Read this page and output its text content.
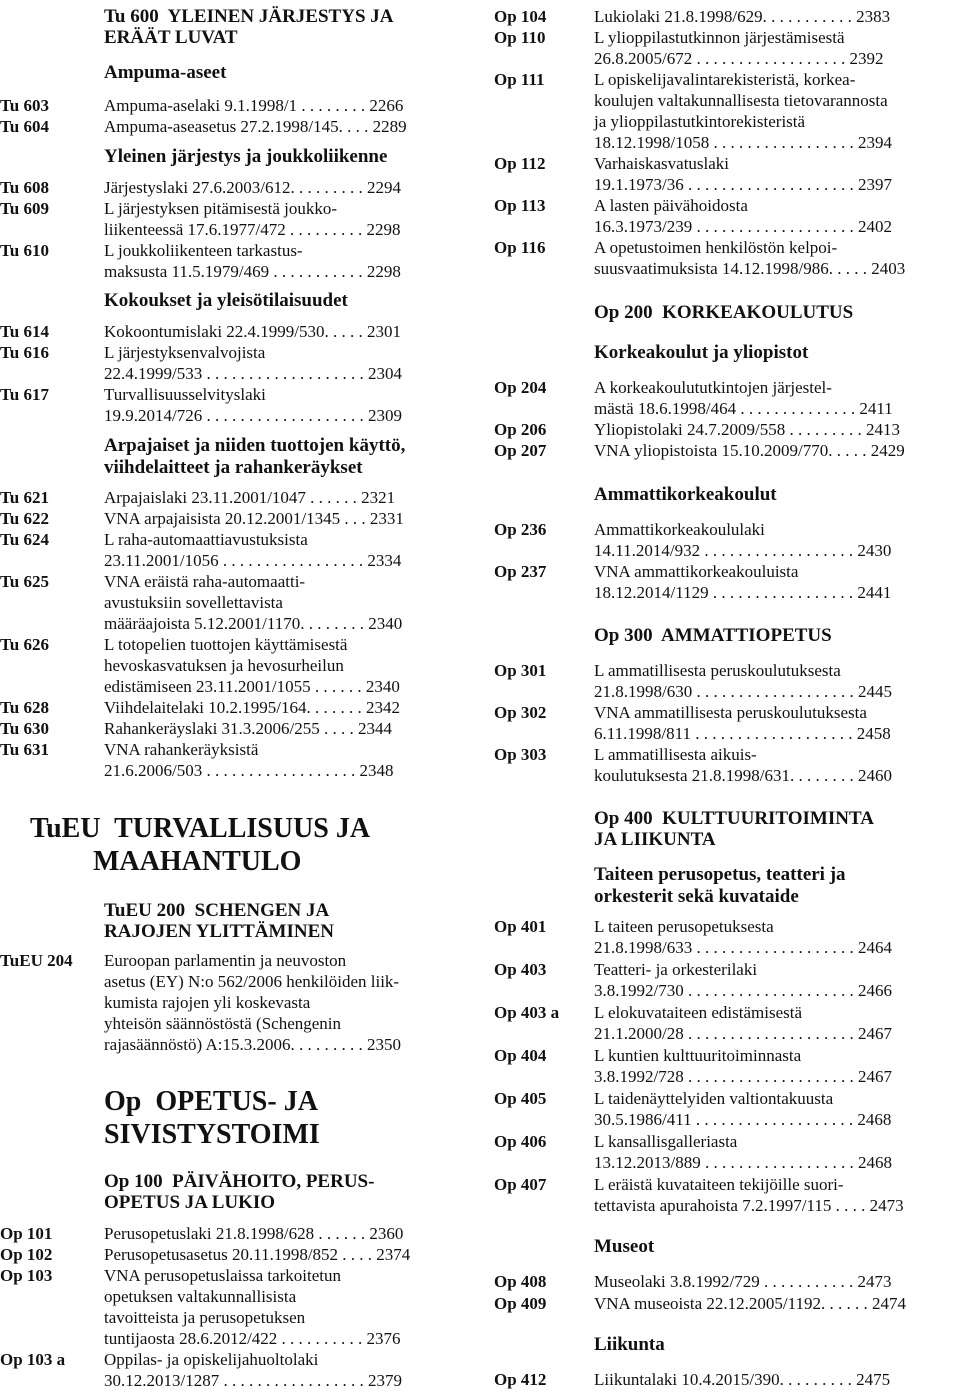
Tu 600  YLEINEN JÄRJESTYS JA
ERÄÄT LUVAT
Ampuma-aseet
Tu 603	Ampuma-aselaki 9.1.1998/1 . . . . . . . . 2266
Tu 604	Ampuma-aseasetus 27.2.1998/145. . . . 2289
Yleinen järjestys ja joukkoliikenne
Tu 608	Järjestyslaki 27.6.2003/612. . . . . . . . . 2294
Tu 609	L järjestyksen pitämisestä joukko-
liikenteessä 17.6.1977/472 . . . . . . . . . 2298
Tu 610	L joukkoliikenteen tarkastus-
maksusta 11.5.1979/469 . . . . . . . . . . . 2298
Kokoukset ja yleisötilaisuudet
Tu 614	Kokoontumislaki 22.4.1999/530. . . . . 2301
Tu 616	L järjestyksenvalvojista
22.4.1999/533 . . . . . . . . . . . . . . . . . . . 2304
Tu 617	Turvallisuusselvityslaki
19.9.2014/726 . . . . . . . . . . . . . . . . . . . 2309
Arpajaiset ja niiden tuottojen käyttö,
viihdelaitteet ja rahankeräykset
Tu 621	Arpajaislaki 23.11.2001/1047 . . . . . . 2321
Tu 622	VNA arpajaisista 20.12.2001/1345 . . . 2331
Tu 624	L raha-automaattiavustuksista
23.11.2001/1056 . . . . . . . . . . . . . . . . . 2334
Tu 625	VNA eräistä raha-automaatti-
avustuksiin sovellettavista
määräajoista 5.12.2001/1170. . . . . . . . 2340
Tu 626	L totopelien tuottojen käyttämisestä
hevoskasvatuksen ja hevosurheilun
edistämiseen 23.11.2001/1055 . . . . . . 2340
Tu 628	Viihdelaitelaki 10.2.1995/164. . . . . . . 2342
Tu 630	Rahankeräyslaki 31.3.2006/255 . . . . 2344
Tu 631	VNA rahankeräyksistä
21.6.2006/503 . . . . . . . . . . . . . . . . . . 2348
TuEU  TURVALLISUUS JA
MAAHANTULO
TuEU 200  SCHENGEN JA
RAJOJEN YLITTÄMINEN
TuEU 204 Euroopan parlamentin ja neuvoston
asetus (EY) N:o 562/2006 henkilöiden liik-
kumista rajojen yli koskevasta
yhteisön säännöstöstä (Schengenin
rajasäännöstö) A:15.3.2006. . . . . . . . . 2350
Op  OPETUS- JA
SIVISTYSTOIMI
Op 100  PÄIVÄHOITO, PERUS-
OPETUS JA LUKIO
Op 101	Perusopetuslaki 21.8.1998/628 . . . . . . 2360
Op 102	Perusopetusasetus 20.11.1998/852 . . . . 2374
Op 103	VNA perusopetuslaissa tarkoitetun
opetuksen valtakunnallisista
tavoitteista ja perusopetuksen
tuntijaosta 28.6.2012/422 . . . . . . . . . . 2376
Op 103 a Oppilas- ja opiskelijahuoltolaki
30.12.2013/1287 . . . . . . . . . . . . . . . . . 2379
Op 104	Lukiolaki 21.8.1998/629. . . . . . . . . . . 2383
Op 110	L ylioppilastutkinnon järjestämisestä
26.8.2005/672 . . . . . . . . . . . . . . . . . . 2392
Op 111	L opiskelijavalintarekisteristä, korkea-
koulujen valtakunnallisesta tietovarannosta
ja ylioppilastutkintorekisteristä
18.12.1998/1058 . . . . . . . . . . . . . . . . . 2394
Op 112	Varhaiskasvatuslaki
19.1.1973/36 . . . . . . . . . . . . . . . . . . . . 2397
Op 113	A lasten päivähoidosta
16.3.1973/239 . . . . . . . . . . . . . . . . . . . 2402
Op 116	A opetustoimen henkilöstön kelpoi-
suusvaatimuksista 14.12.1998/986. . . . . 2403
Op 200  KORKEAKOULUTUS
Korkeakoulut ja yliopistot
Op 204	A korkeakoulututkintojen järjestel-
mästä 18.6.1998/464 . . . . . . . . . . . . . . 2411
Op 206	Yliopistolaki 24.7.2009/558 . . . . . . . . . 2413
Op 207	VNA yliopistoista 15.10.2009/770. . . . . 2429
Ammattikorkeakoulut
Op 236	Ammattikorkeakoululaki
14.11.2014/932 . . . . . . . . . . . . . . . . . . 2430
Op 237	VNA ammattikorkeakouluista
18.12.2014/1129 . . . . . . . . . . . . . . . . . 2441
Op 300  AMMATTIOPETUS
Op 301	L ammatillisesta peruskoulutuksesta
21.8.1998/630 . . . . . . . . . . . . . . . . . . . 2445
Op 302	VNA ammatillisesta peruskoulutuksesta
6.11.1998/811 . . . . . . . . . . . . . . . . . . . 2458
Op 303	L ammatillisesta aikuis-
koulutuksesta 21.8.1998/631. . . . . . . . 2460
Op 400  KULTTUURITOIMINTA
JA LIIKUNTA
Taiteen perusopetus, teatteri ja
orkesterit sekä kuvataide
Op 401	L taiteen perusopetuksesta
21.8.1998/633 . . . . . . . . . . . . . . . . . . . 2464
Op 403	Teatteri- ja orkesterilaki
3.8.1992/730 . . . . . . . . . . . . . . . . . . . . 2466
Op 403 a L elokuvataiteen edistämisestä
21.1.2000/28 . . . . . . . . . . . . . . . . . . . . 2467
Op 404	L kuntien kulttuuritoiminnasta
3.8.1992/728 . . . . . . . . . . . . . . . . . . . . 2467
Op 405	L taidenäyttelyiden valtiontakuusta
30.5.1986/411 . . . . . . . . . . . . . . . . . . . 2468
Op 406	L kansallisgalleriasta
13.12.2013/889 . . . . . . . . . . . . . . . . . . 2468
Op 407	L eräistä kuvataiteen tekijöille suori-
tettavista apurahoista 7.2.1997/115 . . . . 2473
Museot
Op 408	Museolaki 3.8.1992/729 . . . . . . . . . . . 2473
Op 409	VNA museoista 22.12.2005/1192. . . . . . 2474
Liikunta
Op 412	Liikuntalaki 10.4.2015/390. . . . . . . . . 2475
